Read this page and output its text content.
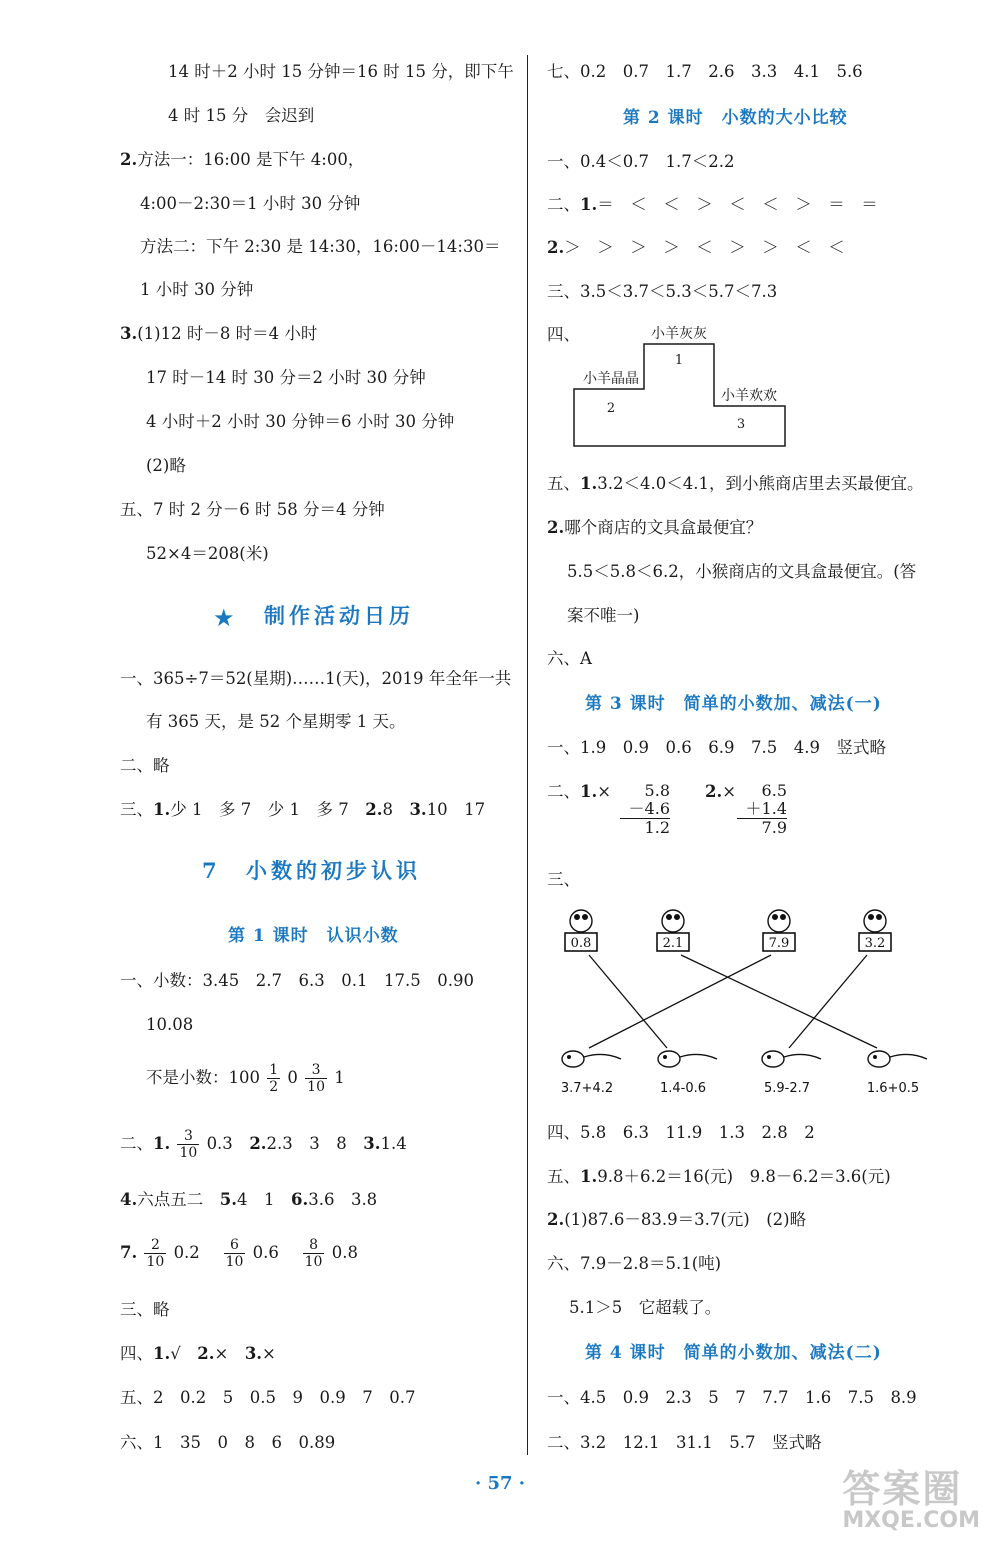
14 时＋2 小时 15 分钟＝16 时 15 分，即下午
4 时 15 分　会迟到
2.方法一：16:00 是下午 4:00，
4:00－2:30＝1 小时 30 分钟
方法二：下午 2:30 是 14:30，16:00－14:30＝
1 小时 30 分钟
3.(1)12 时－8 时＝4 小时
17 时－14 时 30 分＝2 小时 30 分钟
4 小时＋2 小时 30 分钟＝6 小时 30 分钟
(2)略
五、7 时 2 分－6 时 58 分＝4 分钟
52×4＝208(米)
★ 制作活动日历
一、365÷7＝52(星期)……1(天)，2019 年全年一共
有 365 天，是 52 个星期零 1 天。
二、略
三、1.少 1　多 7　少 1　多 7　2.8　3.10　17
7 小数的初步认识
第 1 课时　认识小数
一、小数：3.45　2.7　6.3　0.1　17.5　0.90
10.08
不是小数：$100 \frac{1}{2} 0 \frac{3}{10} 1$
二、1. $\frac{3}{10} 0.3$　2.2.3　3　8　3.1.4
4.六点五二　5.4　1　6.3.6　3.8
7. $\frac{2}{10} 0.2$　 $\frac{6}{10} 0.6$　 $\frac{8}{10} 0.8$
三、略
四、1.√　2.×　3.×
五、2　0.2　5　0.5　9　0.9　7　0.7
六、1　35　0　8　6　0.89
七、0.2　0.7　1.7　2.6　3.3　4.1　5.6
第 2 课时　小数的大小比较
一、0.4＜0.7　1.7＜2.2
二、1.＝　＜　＜　＞　＜　＜　＞　＝　＝
2.＞　＞　＞　＞　＜　＞　＞　＜　＜
三、3.5＜3.7＜5.3＜5.7＜7.3
四、	小羊灰灰
1
小羊晶晶
2
小羊欢欢
3
五、1.3.2＜4.0＜4.1，到小熊商店里去买最便宜。
2.哪个商店的文具盒最便宜？
5.5＜5.8＜6.2，小猴商店的文具盒最便宜。(答
案不唯一)
六、A
第 3 课时　简单的小数加、减法(一)
一、1.9　0.9　0.6　6.9　7.5　4.9　竖式略
二、1.×	5.8
－4.6
1.2
2.×	6.5
＋1.4
7.9
三、
0.8	2.1	7.9	3.2
3.7+4.2	1.4-0.6	5.9-2.7	1.6+0.5
四、5.8　6.3　11.9　1.3　2.8　2
五、1.9.8＋6.2＝16(元)　9.8－6.2＝3.6(元)
2.(1)87.6－83.9＝3.7(元)　(2)略
六、7.9－2.8＝5.1(吨)
5.1＞5　它超载了。
第 4 课时　简单的小数加、减法(二)
一、4.5　0.9　2.3　5　7　7.7　1.6　7.5　8.9
二、3.2　12.1　31.1　5.7　竖式略
· 57 ·	答案圈
MXQE.COM
